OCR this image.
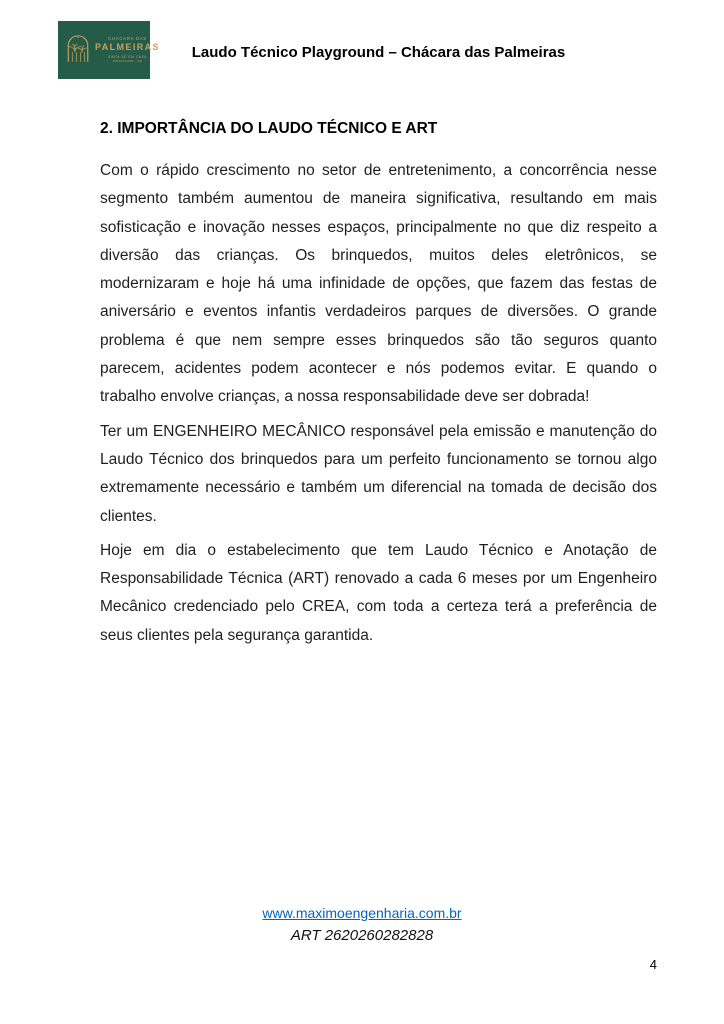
CHÁCARA DAS
PALMEIRAS
SINTA-SE EM CASA
PIRACICABA - SP
Laudo Técnico Playground – Chácara das Palmeiras
2. IMPORTÂNCIA DO LAUDO TÉCNICO E ART

Com o rápido crescimento no setor de entretenimento, a concorrência nesse segmento também aumentou de maneira significativa, resultando em mais sofisticação e inovação nesses espaços, principalmente no que diz respeito a diversão das crianças. Os brinquedos, muitos deles eletrônicos, se modernizaram e hoje há uma infinidade de opções, que fazem das festas de aniversário e eventos infantis verdadeiros parques de diversões. O grande problema é que nem sempre esses brinquedos são tão seguros quanto parecem, acidentes podem acontecer e nós podemos evitar. E quando o trabalho envolve crianças, a nossa responsabilidade deve ser dobrada!

Ter um ENGENHEIRO MECÂNICO responsável pela emissão e manutenção do Laudo Técnico dos brinquedos para um perfeito funcionamento se tornou algo extremamente necessário e também um diferencial na tomada de decisão dos clientes.

Hoje em dia o estabelecimento que tem Laudo Técnico e Anotação de Responsabilidade Técnica (ART) renovado a cada 6 meses por um Engenheiro Mecânico credenciado pelo CREA, com toda a certeza terá a preferência de seus clientes pela segurança garantida.

www.maximoengenharia.com.br
ART 2620260282828
4
